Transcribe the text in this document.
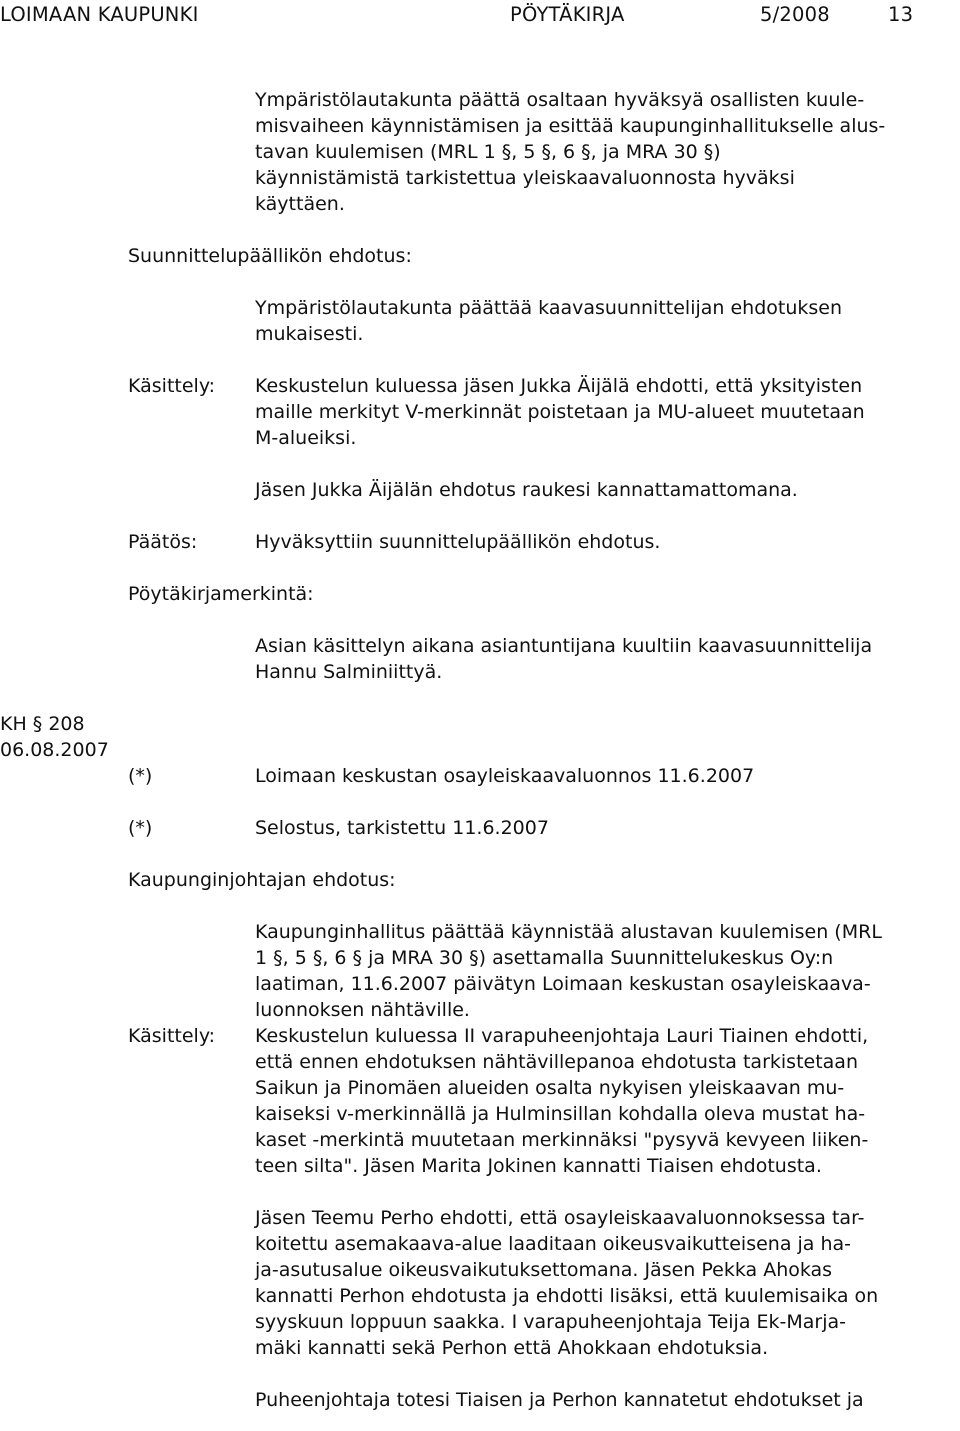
LOIMAAN KAUPUNKI	PÖYTÄKIRJA	5/2008	13
Ympäristölautakunta päättä osaltaan hyväksyä osallisten kuule-
misvaiheen käynnistämisen ja esittää kaupunginhallitukselle alus-
tavan kuulemisen (MRL 1 §, 5 §, 6 §, ja MRA 30 §)
käynnistämistä tarkistettua yleiskaavaluonnosta hyväksi
käyttäen.
Suunnittelupäällikön ehdotus:
Ympäristölautakunta päättää kaavasuunnittelijan ehdotuksen
mukaisesti.
Käsittely: Keskustelun kuluessa jäsen Jukka Äijälä ehdotti, että yksityisten
maille merkityt V-merkinnät poistetaan ja MU-alueet muutetaan
M-alueiksi.
Jäsen Jukka Äijälän ehdotus raukesi kannattamattomana.
Päätös:	Hyväksyttiin suunnittelupäällikön ehdotus.
Pöytäkirjamerkintä:
Asian käsittelyn aikana asiantuntijana kuultiin kaavasuunnittelija
Hannu Salminiittyä.
KH § 208
06.08.2007
(*)	Loimaan keskustan osayleiskaavaluonnos 11.6.2007
(*)	Selostus, tarkistettu 11.6.2007
Kaupunginjohtajan ehdotus:
Kaupunginhallitus päättää käynnistää alustavan kuulemisen (MRL
1 §, 5 §, 6 § ja MRA 30 §) asettamalla Suunnittelukeskus Oy:n
laatiman, 11.6.2007 päivätyn Loimaan keskustan osayleiskaava-
luonnoksen nähtäville.
Käsittely: Keskustelun kuluessa II varapuheenjohtaja Lauri Tiainen ehdotti,
että ennen ehdotuksen nähtävillepanoa ehdotusta tarkistetaan
Saikun ja Pinomäen alueiden osalta nykyisen yleiskaavan mu-
kaiseksi v-merkinnällä ja Hulminsillan kohdalla oleva mustat ha-
kaset -merkintä muutetaan merkinnäksi "pysyvä kevyeen liiken-
teen silta". Jäsen Marita Jokinen kannatti Tiaisen ehdotusta.
Jäsen Teemu Perho ehdotti, että osayleiskaavaluonnoksessa tar-
koitettu asemakaava-alue laaditaan oikeusvaikutteisena ja ha-
ja-asutusalue oikeusvaikutuksettomana. Jäsen Pekka Ahokas
kannatti Perhon ehdotusta ja ehdotti lisäksi, että kuulemisaika on
syyskuun loppuun saakka. I varapuheenjohtaja Teija Ek-Marja-
mäki kannatti sekä Perhon että Ahokkaan ehdotuksia.
Puheenjohtaja totesi Tiaisen ja Perhon kannatetut ehdotukset ja
